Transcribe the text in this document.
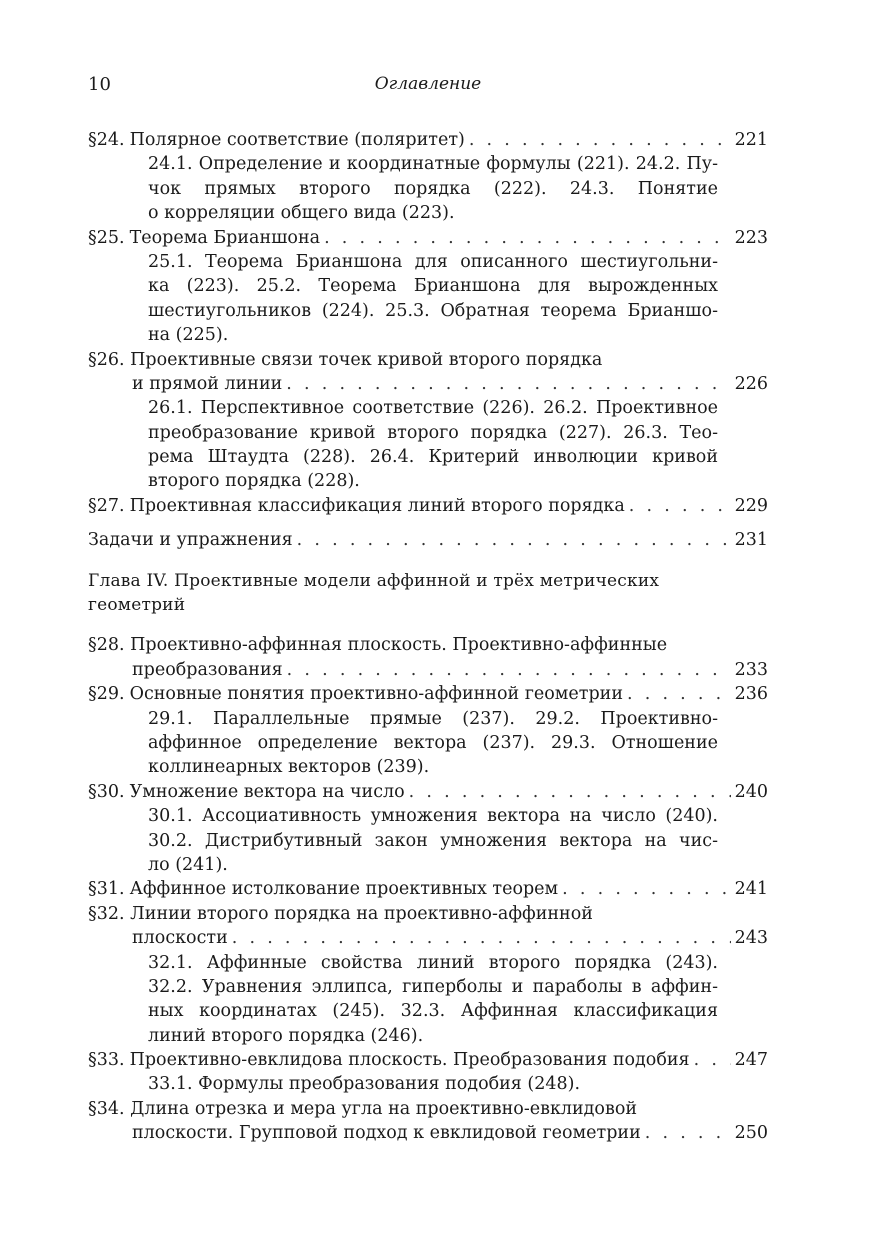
10	Оглавление
§24. Полярное соответствие (поляритет) . . .	221
24.1. Определение и координатные формулы (221). 24.2. Пу-
чок прямых второго порядка (222). 24.3. Понятие
о корреляции общего вида (223).
§25. Теорема Брианшона . . .	223
25.1. Теорема Брианшона для описанного шестиугольни-
ка (223). 25.2. Теорема Брианшона для вырожденных
шестиугольников (224). 25.3. Обратная теорема Брианшо-
на (225).
§26. Проективные связи точек кривой второго порядка
и прямой линии . . .	226
26.1. Перспективное соответствие (226). 26.2. Проективное
преобразование кривой второго порядка (227). 26.3. Тео-
рема Штаудта (228). 26.4. Критерий инволюции кривой
второго порядка (228).
§27. Проективная классификация линий второго порядка . . .	229
Задачи и упражнения . . .	231
Глава IV. Проективные модели аффинной и трёх метрических
геометрий
§28. Проективно-аффинная плоскость. Проективно-аффинные
преобразования . . .	233
§29. Основные понятия проективно-аффинной геометрии . . .	236
29.1. Параллельные прямые (237). 29.2. Проективно-
аффинное определение вектора (237). 29.3. Отношение
коллинеарных векторов (239).
§30. Умножение вектора на число . . .	240
30.1. Ассоциативность умножения вектора на число (240).
30.2. Дистрибутивный закон умножения вектора на чис-
ло (241).
§31. Аффинное истолкование проективных теорем . . .	241
§32. Линии второго порядка на проективно-аффинной
плоскости . . .	243
32.1. Аффинные свойства линий второго порядка (243).
32.2. Уравнения эллипса, гиперболы и параболы в аффин-
ных координатах (245). 32.3. Аффинная классификация
линий второго порядка (246).
§33. Проективно-евклидова плоскость. Преобразования подобия . . .	247
33.1. Формулы преобразования подобия (248).
§34. Длина отрезка и мера угла на проективно-евклидовой
плоскости. Групповой подход к евклидовой геометрии . . .	250
